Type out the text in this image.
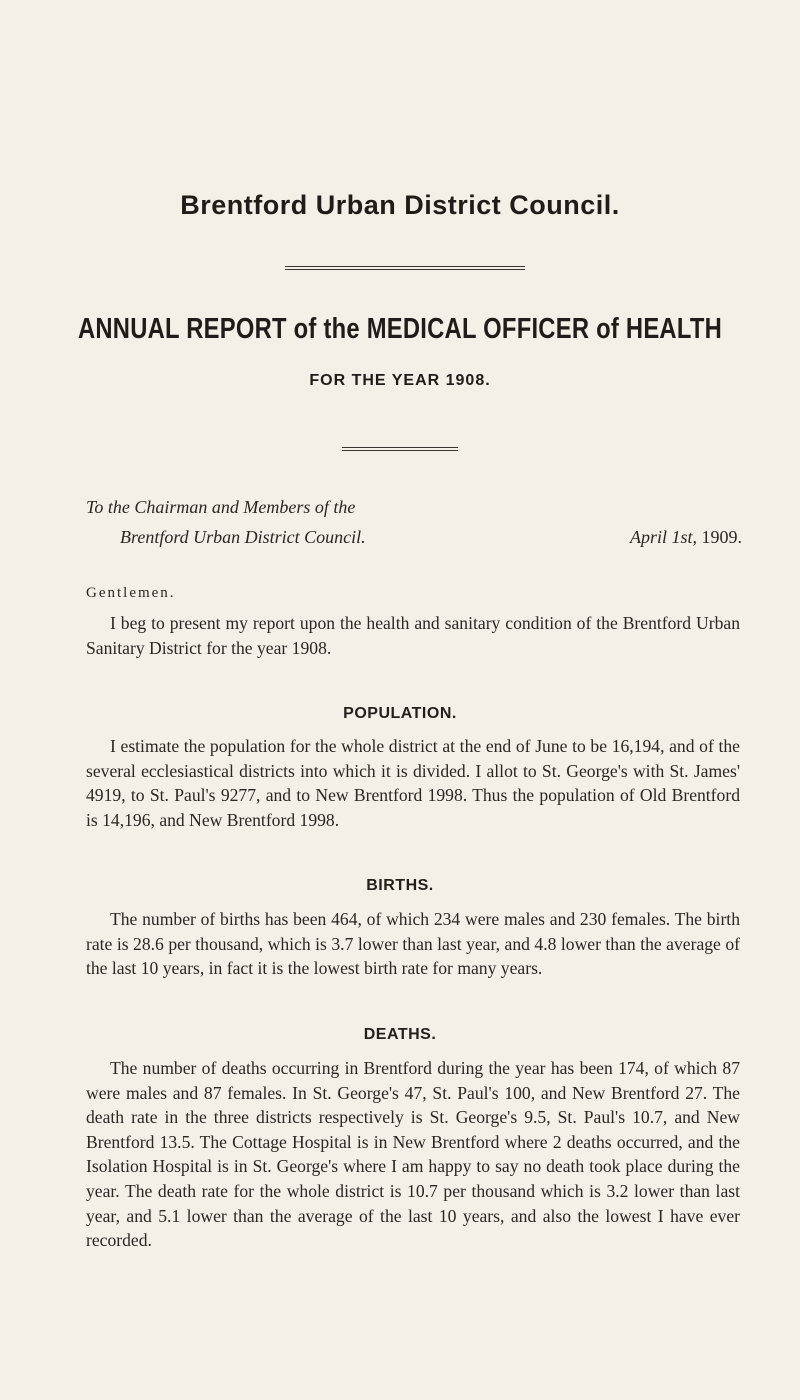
Brentford Urban District Council.
ANNUAL REPORT of the MEDICAL OFFICER of HEALTH
FOR THE YEAR 1908.
To the Chairman and Members of the
Brentford Urban District Council.	April 1st, 1909.
Gentlemen.

I beg to present my report upon the health and sanitary condition of the Brentford Urban Sanitary District for the year 1908.

POPULATION.

I estimate the population for the whole district at the end of June to be 16,194, and of the several ecclesiastical districts into which it is divided. I allot to St. George's with St. James' 4919, to St. Paul's 9277, and to New Brentford 1998. Thus the population of Old Brentford is 14,196, and New Brentford 1998.

BIRTHS.

The number of births has been 464, of which 234 were males and 230 females. The birth rate is 28.6 per thousand, which is 3.7 lower than last year, and 4.8 lower than the average of the last 10 years, in fact it is the lowest birth rate for many years.

DEATHS.

The number of deaths occurring in Brentford during the year has been 174, of which 87 were males and 87 females. In St. George's 47, St. Paul's 100, and New Brentford 27. The death rate in the three districts respectively is St. George's 9.5, St. Paul's 10.7, and New Brentford 13.5. The Cottage Hospital is in New Brentford where 2 deaths occurred, and the Isolation Hospital is in St. George's where I am happy to say no death took place during the year. The death rate for the whole district is 10.7 per thousand which is 3.2 lower than last year, and 5.1 lower than the average of the last 10 years, and also the lowest I have ever recorded.
